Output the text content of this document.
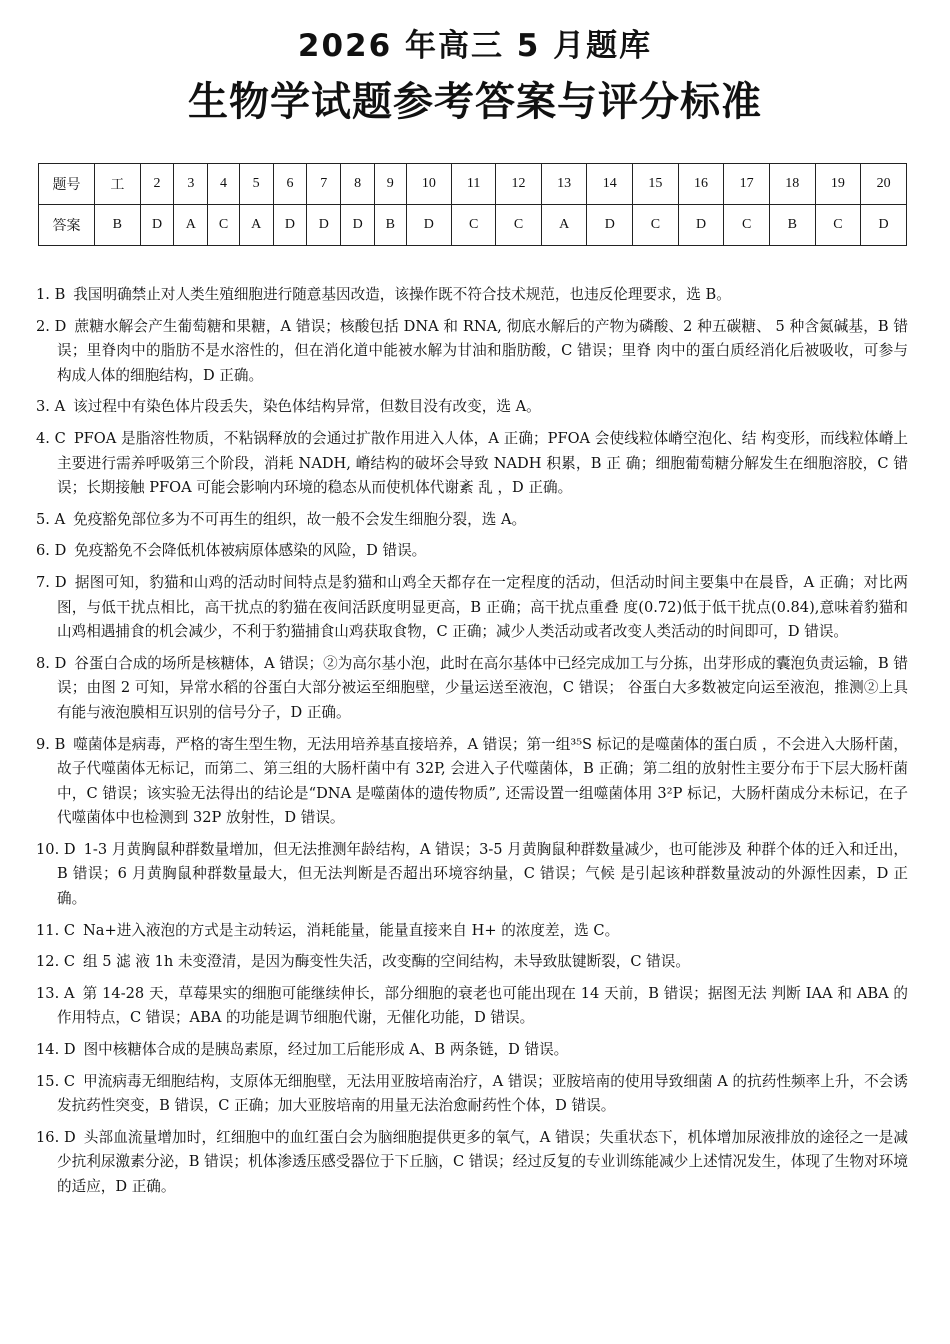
2026 年高三 5 月题库
生物学试题参考答案与评分标准
题号	工	2	3	4	5	6	7	8	9	10	11	12	13	14	15	16	17	18	19	20
答案	B	D	A	C	A	D	D	D	B	D	C	C	A	D	C	D	C	B	C	D
1. B 我国明确禁止对人类生殖细胞进行随意基因改造，该操作既不符合技术规范，也违反伦理要求，选 B。
2. D 蔗糖水解会产生葡萄糖和果糖，A 错误；核酸包括 DNA 和 RNA, 彻底水解后的产物为磷酸、2 种五碳糖、 5 种含氮碱基，B 错误；里脊肉中的脂肪不是水溶性的，但在消化道中能被水解为甘油和脂肪酸，C 错误；里脊 肉中的蛋白质经消化后被吸收，可参与构成人体的细胞结构，D 正确。
3. A 该过程中有染色体片段丢失，染色体结构异常，但数目没有改变，选 A。
4. C PFOA 是脂溶性物质，不粘锅释放的会通过扩散作用进入人体，A 正确；PFOA 会使线粒体嵴空泡化、结 构变形，而线粒体嵴上主要进行需养呼吸第三个阶段，消耗 NADH, 嵴结构的破坏会导致 NADH 积累，B 正 确；细胞葡萄糖分解发生在细胞溶胶，C 错误；长期接触 PFOA 可能会影响内环境的稳态从而使机体代谢紊 乱 ，D 正确。
5. A 免疫豁免部位多为不可再生的组织，故一般不会发生细胞分裂，选 A。
6. D 免疫豁免不会降低机体被病原体感染的风险，D 错误。
7. D 据图可知，豹猫和山鸡的活动时间特点是豹猫和山鸡全天都存在一定程度的活动，但活动时间主要集中在晨昏，A 正确；对比两图，与低干扰点相比，高干扰点的豹猫在夜间活跃度明显更高，B 正确；高干扰点重叠 度(0.72)低于低干扰点(0.84),意味着豹猫和山鸡相遇捕食的机会减少，不利于豹猫捕食山鸡获取食物，C 正确；减少人类活动或者改变人类活动的时间即可，D 错误。
8. D 谷蛋白合成的场所是核糖体，A 错误；②为高尔基小泡，此时在高尔基体中已经完成加工与分拣，出芽形成的囊泡负责运输，B 错误；由图 2 可知，异常水稻的谷蛋白大部分被运至细胞壁，少量运送至液泡，C 错误； 谷蛋白大多数被定向运至液泡，推测②上具有能与液泡膜相互识别的信号分子，D 正确。
9. B 噬菌体是病毒，严格的寄生型生物，无法用培养基直接培养，A 错误；第一组³⁵S 标记的是噬菌体的蛋白质 ，不会进入大肠杆菌，故子代噬菌体无标记，而第二、第三组的大肠杆菌中有 32P, 会进入子代噬菌体，B 正确；第二组的放射性主要分布于下层大肠杆菌中，C 错误；该实验无法得出的结论是“DNA 是噬菌体的遗传物质”, 还需设置一组噬菌体用 3²P 标记，大肠杆菌成分未标记，在子代噬菌体中也检测到 32P 放射性，D 错误。
10. D 1-3 月黄胸鼠种群数量增加，但无法推测年龄结构，A 错误；3-5 月黄胸鼠种群数量减少，也可能涉及 种群个体的迁入和迁出，B 错误；6 月黄胸鼠种群数量最大，但无法判断是否超出环境容纳量，C 错误；气候 是引起该种群数量波动的外源性因素，D 正确。
11. C Na+进入液泡的方式是主动转运，消耗能量，能量直接来自 H+ 的浓度差，选 C。
12. C 组 5 滤 液 1h 未变澄清，是因为酶变性失活，改变酶的空间结构，未导致肽键断裂，C 错误。
13. A 第 14-28 天，草莓果实的细胞可能继续伸长，部分细胞的衰老也可能出现在 14 天前，B 错误；据图无法 判断 IAA 和 ABA 的作用特点，C 错误；ABA 的功能是调节细胞代谢，无催化功能，D 错误。
14. D 图中核糖体合成的是胰岛素原，经过加工后能形成 A、B 两条链，D 错误。
15. C 甲流病毒无细胞结构，支原体无细胞壁，无法用亚胺培南治疗，A 错误；亚胺培南的使用导致细菌 A 的抗药性频率上升，不会诱发抗药性突变，B 错误，C 正确；加大亚胺培南的用量无法治愈耐药性个体，D 错误。
16. D 头部血流量增加时，红细胞中的血红蛋白会为脑细胞提供更多的氧气，A 错误；失重状态下，机体增加尿液排放的途径之一是减少抗利尿激素分泌，B 错误；机体渗透压感受器位于下丘脑，C 错误；经过反复的专业训练能减少上述情况发生，体现了生物对环境的适应，D 正确。
